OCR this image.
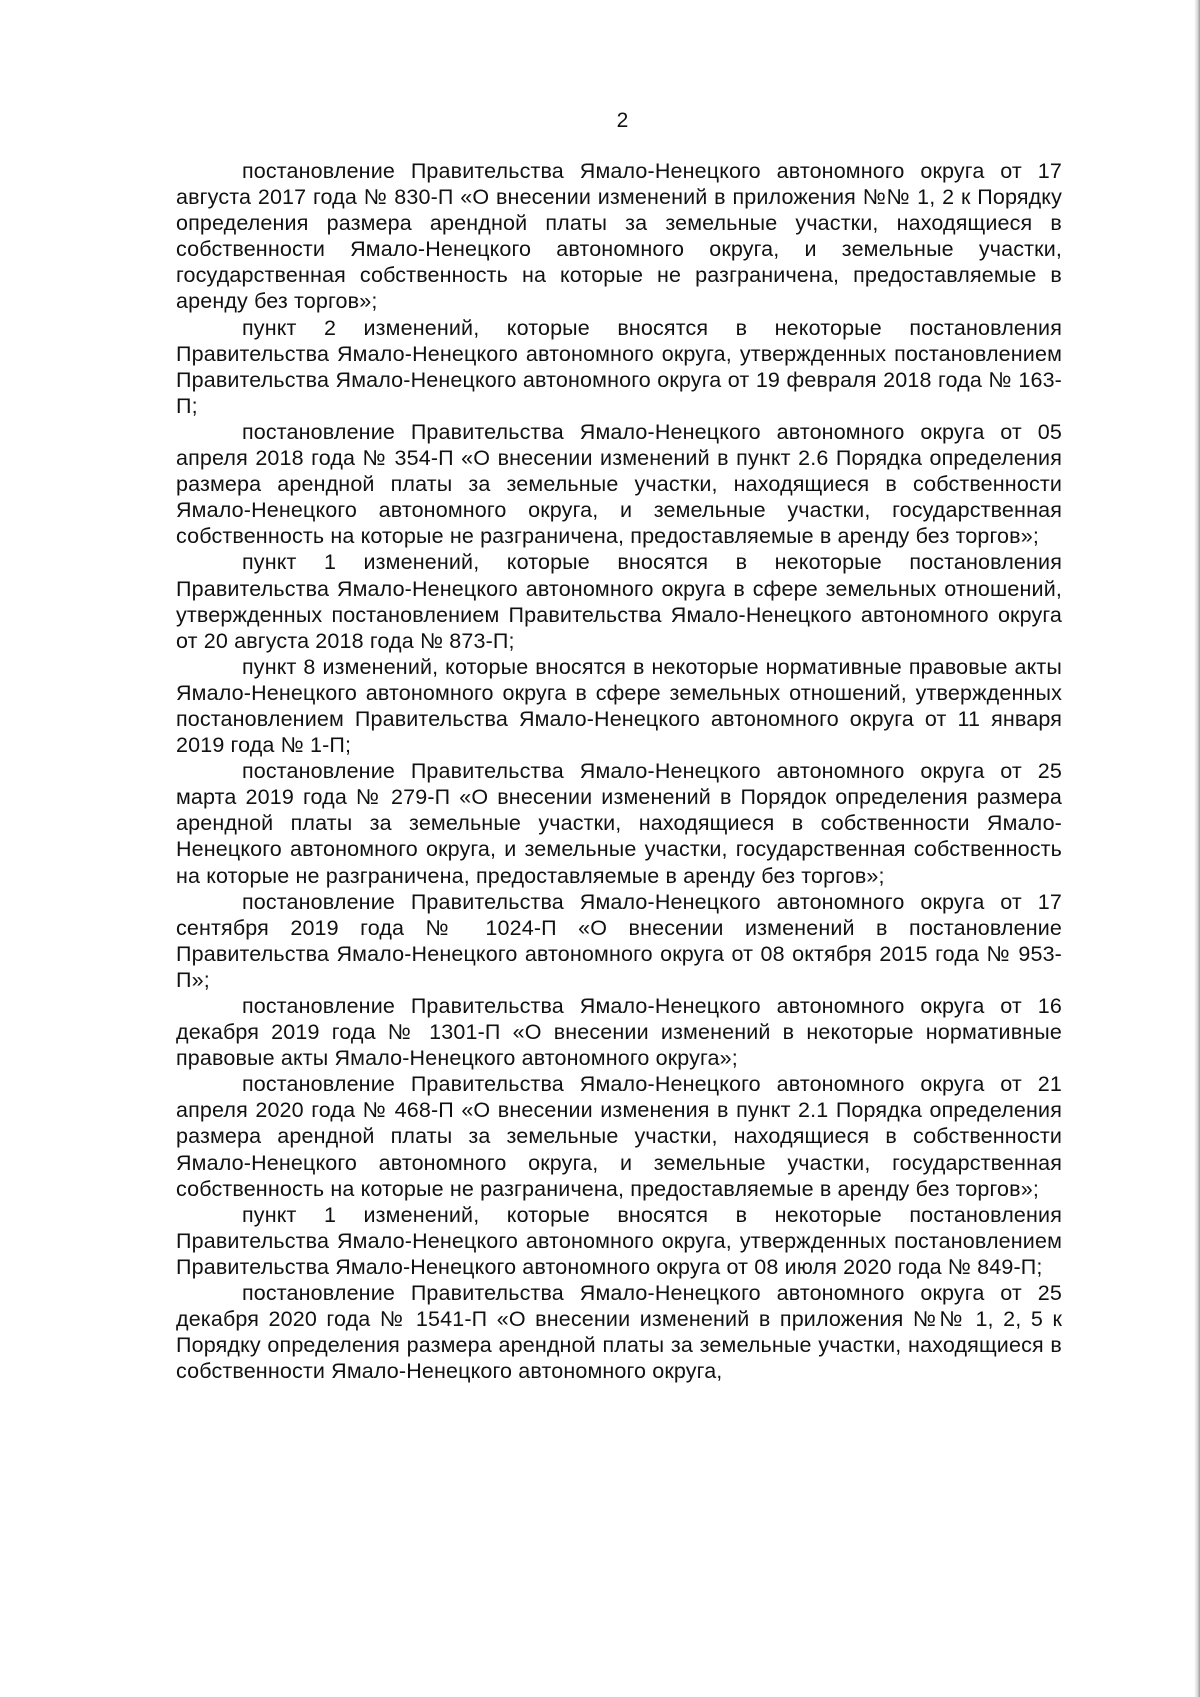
2

постановление Правительства Ямало-Ненецкого автономного округа от 17 августа 2017 года № 830-П «О внесении изменений в приложения №№ 1, 2 к Порядку определения размера арендной платы за земельные участки, находящиеся в собственности Ямало-Ненецкого автономного округа, и земельные участки, государственная собственность на которые не разграничена, предоставляемые в аренду без торгов»;

пункт 2 изменений, которые вносятся в некоторые постановления Правительства Ямало-Ненецкого автономного округа, утвержденных постановлением Правительства Ямало-Ненецкого автономного округа от 19 февраля 2018 года № 163-П;

постановление Правительства Ямало-Ненецкого автономного округа от 05 апреля 2018 года № 354-П «О внесении изменений в пункт 2.6 Порядка определения размера арендной платы за земельные участки, находящиеся в собственности Ямало-Ненецкого автономного округа, и земельные участки, государственная собственность на которые не разграничена, предоставляемые в аренду без торгов»;

пункт 1 изменений, которые вносятся в некоторые постановления Правительства Ямало-Ненецкого автономного округа в сфере земельных отношений, утвержденных постановлением Правительства Ямало-Ненецкого автономного округа от 20 августа 2018 года № 873-П;

пункт 8 изменений, которые вносятся в некоторые нормативные правовые акты Ямало-Ненецкого автономного округа в сфере земельных отношений, утвержденных постановлением Правительства Ямало-Ненецкого автономного округа от 11 января 2019 года № 1-П;

постановление Правительства Ямало-Ненецкого автономного округа от 25 марта 2019 года № 279-П «О внесении изменений в Порядок определения размера арендной платы за земельные участки, находящиеся в собственности Ямало-Ненецкого автономного округа, и земельные участки, государственная собственность на которые не разграничена, предоставляемые в аренду без торгов»;

постановление Правительства Ямало-Ненецкого автономного округа от 17 сентября 2019 года № 1024-П «О внесении изменений в постановление Правительства Ямало-Ненецкого автономного округа от 08 октября 2015 года № 953-П»;

постановление Правительства Ямало-Ненецкого автономного округа от 16 декабря 2019 года № 1301-П «О внесении изменений в некоторые нормативные правовые акты Ямало-Ненецкого автономного округа»;

постановление Правительства Ямало-Ненецкого автономного округа от 21 апреля 2020 года № 468-П «О внесении изменения в пункт 2.1 Порядка определения размера арендной платы за земельные участки, находящиеся в собственности Ямало-Ненецкого автономного округа, и земельные участки, государственная собственность на которые не разграничена, предоставляемые в аренду без торгов»;

пункт 1 изменений, которые вносятся в некоторые постановления Правительства Ямало-Ненецкого автономного округа, утвержденных постановлением Правительства Ямало-Ненецкого автономного округа от 08 июля 2020 года № 849-П;

постановление Правительства Ямало-Ненецкого автономного округа от 25 декабря 2020 года № 1541-П «О внесении изменений в приложения №№ 1, 2, 5 к Порядку определения размера арендной платы за земельные участки, находящиеся в собственности Ямало-Ненецкого автономного округа,
